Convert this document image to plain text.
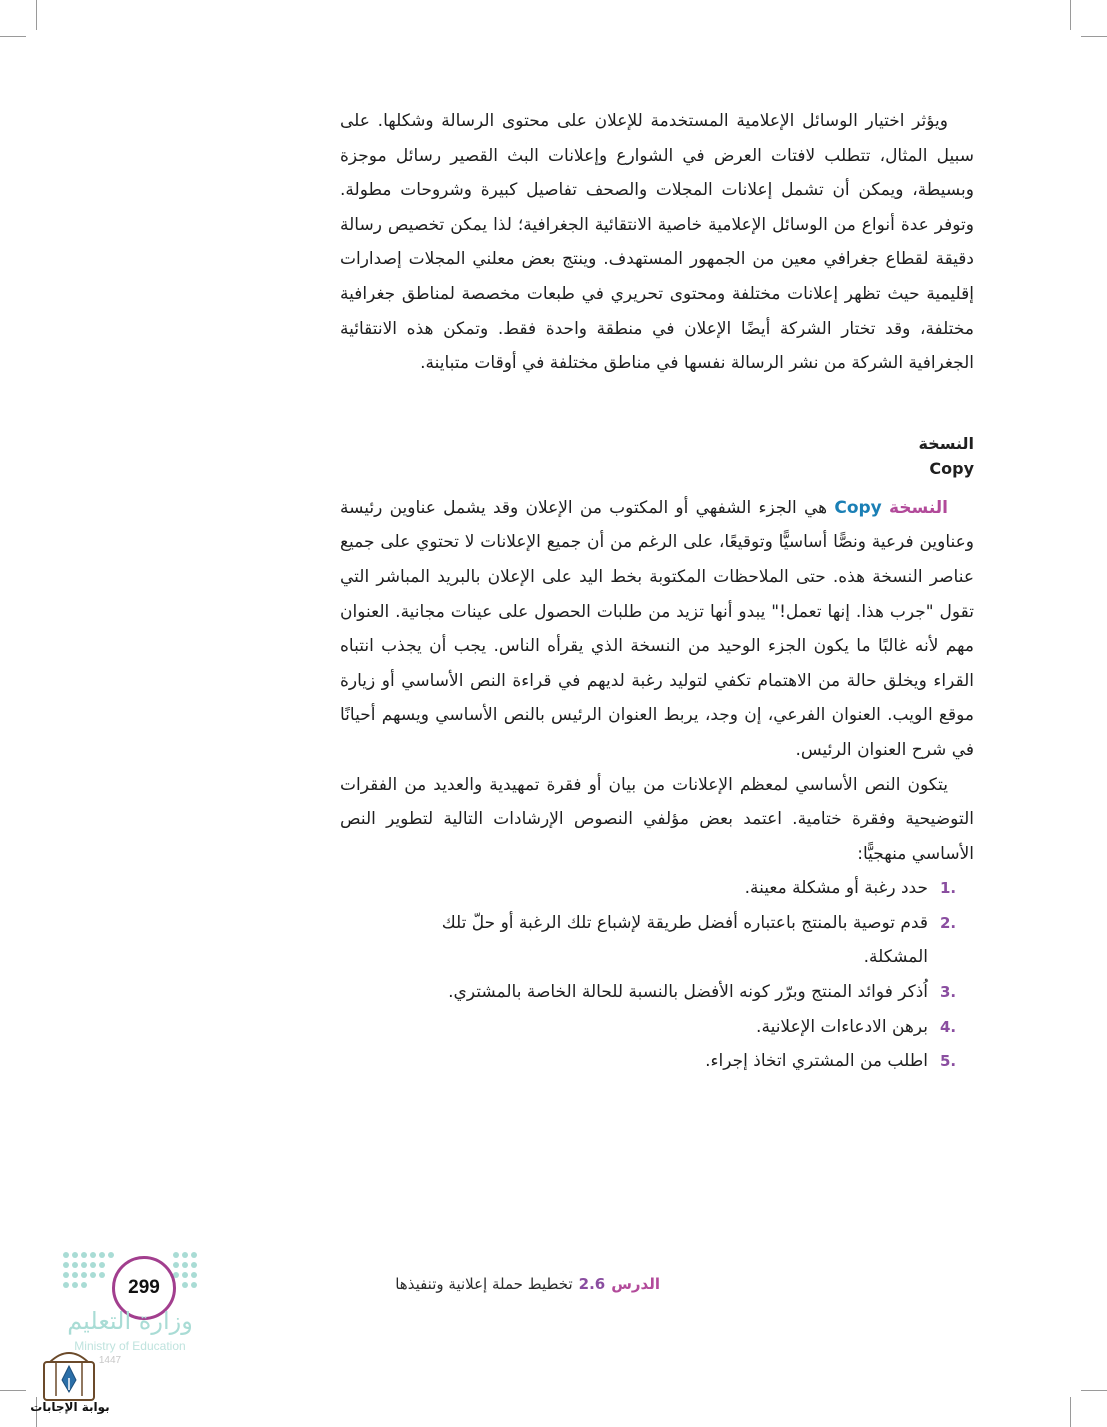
ويؤثر اختيار الوسائل الإعلامية المستخدمة للإعلان على محتوى الرسالة وشكلها. على سبيل المثال، تتطلب لافتات العرض في الشوارع وإعلانات البث القصير رسائل موجزة وبسيطة، ويمكن أن تشمل إعلانات المجلات والصحف تفاصيل كبيرة وشروحات مطولة. وتوفر عدة أنواع من الوسائل الإعلامية خاصية الانتقائية الجغرافية؛ لذا يمكن تخصيص رسالة دقيقة لقطاع جغرافي معين من الجمهور المستهدف. وينتج بعض معلني المجلات إصدارات إقليمية حيث تظهر إعلانات مختلفة ومحتوى تحريري في طبعات مخصصة لمناطق جغرافية مختلفة، وقد تختار الشركة أيضًا الإعلان في منطقة واحدة فقط. وتمكن هذه الانتقائية الجغرافية الشركة من نشر الرسالة نفسها في مناطق مختلفة في أوقات متباينة.

النسخة
Copy

النسخة Copy هي الجزء الشفهي أو المكتوب من الإعلان وقد يشمل عناوين رئيسة وعناوين فرعية ونصًّا أساسيًّا وتوقيعًا، على الرغم من أن جميع الإعلانات لا تحتوي على جميع عناصر النسخة هذه. حتى الملاحظات المكتوبة بخط اليد على الإعلان بالبريد المباشر التي تقول "جرب هذا. إنها تعمل!" يبدو أنها تزيد من طلبات الحصول على عينات مجانية. العنوان مهم لأنه غالبًا ما يكون الجزء الوحيد من النسخة الذي يقرأه الناس. يجب أن يجذب انتباه القراء ويخلق حالة من الاهتمام تكفي لتوليد رغبة لديهم في قراءة النص الأساسي أو زيارة موقع الويب. العنوان الفرعي، إن وجد، يربط العنوان الرئيس بالنص الأساسي ويسهم أحيانًا في شرح العنوان الرئيس.

يتكون النص الأساسي لمعظم الإعلانات من بيان أو فقرة تمهيدية والعديد من الفقرات التوضيحية وفقرة ختامية. اعتمد بعض مؤلفي النصوص الإرشادات التالية لتطوير النص الأساسي منهجيًّا:

1.
حدد رغبة أو مشكلة معينة.
2.
قدم توصية بالمنتج باعتباره أفضل طريقة لإشباع تلك الرغبة أو حلّ تلك المشكلة.
3.
اُذكر فوائد المنتج وبرّر كونه الأفضل بالنسبة للحالة الخاصة بالمشتري.
4.
برهن الادعاءات الإعلانية.
5.
اطلب من المشتري اتخاذ إجراء.
الدرس2.6تخطيط حملة إعلانية وتنفيذها
299
وزارة التعليم
Ministry of Education
1447
بوابة الإجابات
